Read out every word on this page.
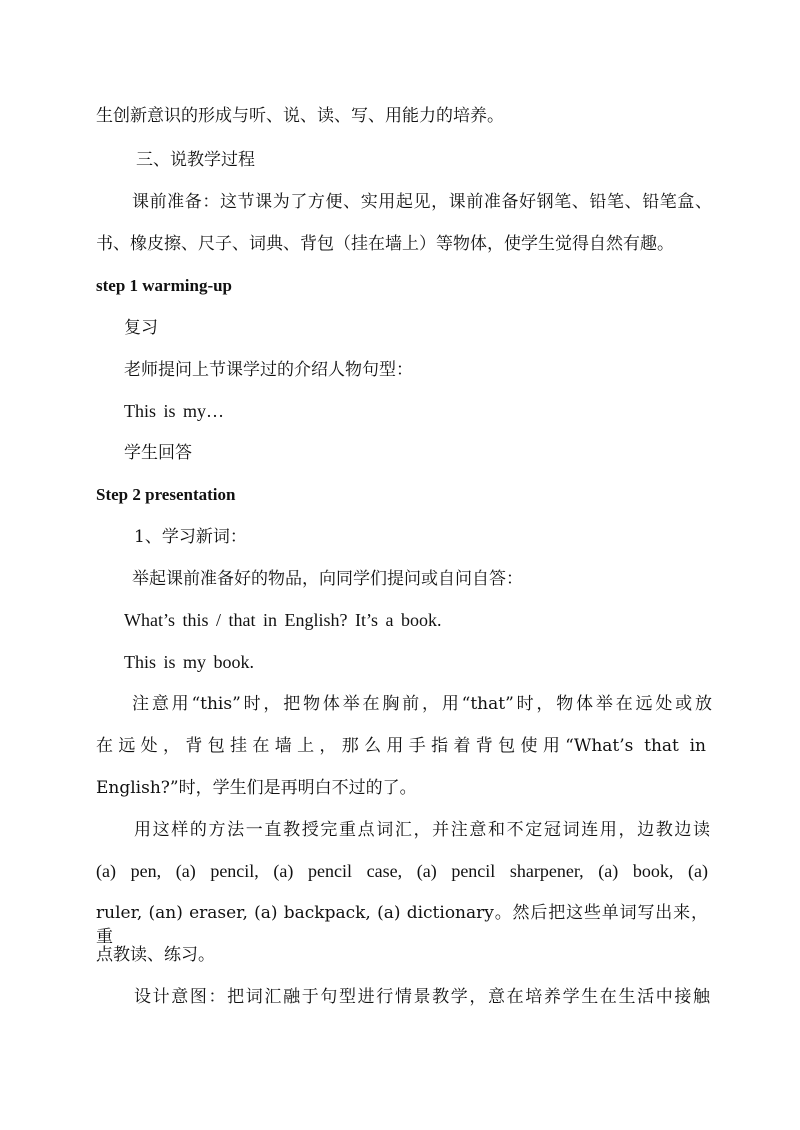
生创新意识的形成与听、说、读、写、用能力的培养。
三、说教学过程
课前准备：这节课为了方便、实用起见，课前准备好钢笔、铅笔、铅笔盒、
书、橡皮擦、尺子、词典、背包（挂在墙上）等物体，使学生觉得自然有趣。
step 1 warming-up
复习
老师提问上节课学过的介绍人物句型：
This is my…
学生回答
Step 2 presentation
1、学习新词：
举起课前准备好的物品，向同学们提问或自问自答：
What’s this / that in English? It’s a book.
This is my book.
注意用“this”时，把物体举在胸前，用“that”时，物体举在远处或放
在远处，背包挂在墙上，那么用手指着背包使用“What’s that in
English?”时，学生们是再明白不过的了。
用这样的方法一直教授完重点词汇，并注意和不定冠词连用，边教边读
(a) pen, (a) pencil, (a) pencil case, (a) pencil sharpener, (a) book, (a)
ruler, (an) eraser, (a) backpack, (a) dictionary。然后把这些单词写出来，重
点教读、练习。
设计意图：把词汇融于句型进行情景教学，意在培养学生在生活中接触
